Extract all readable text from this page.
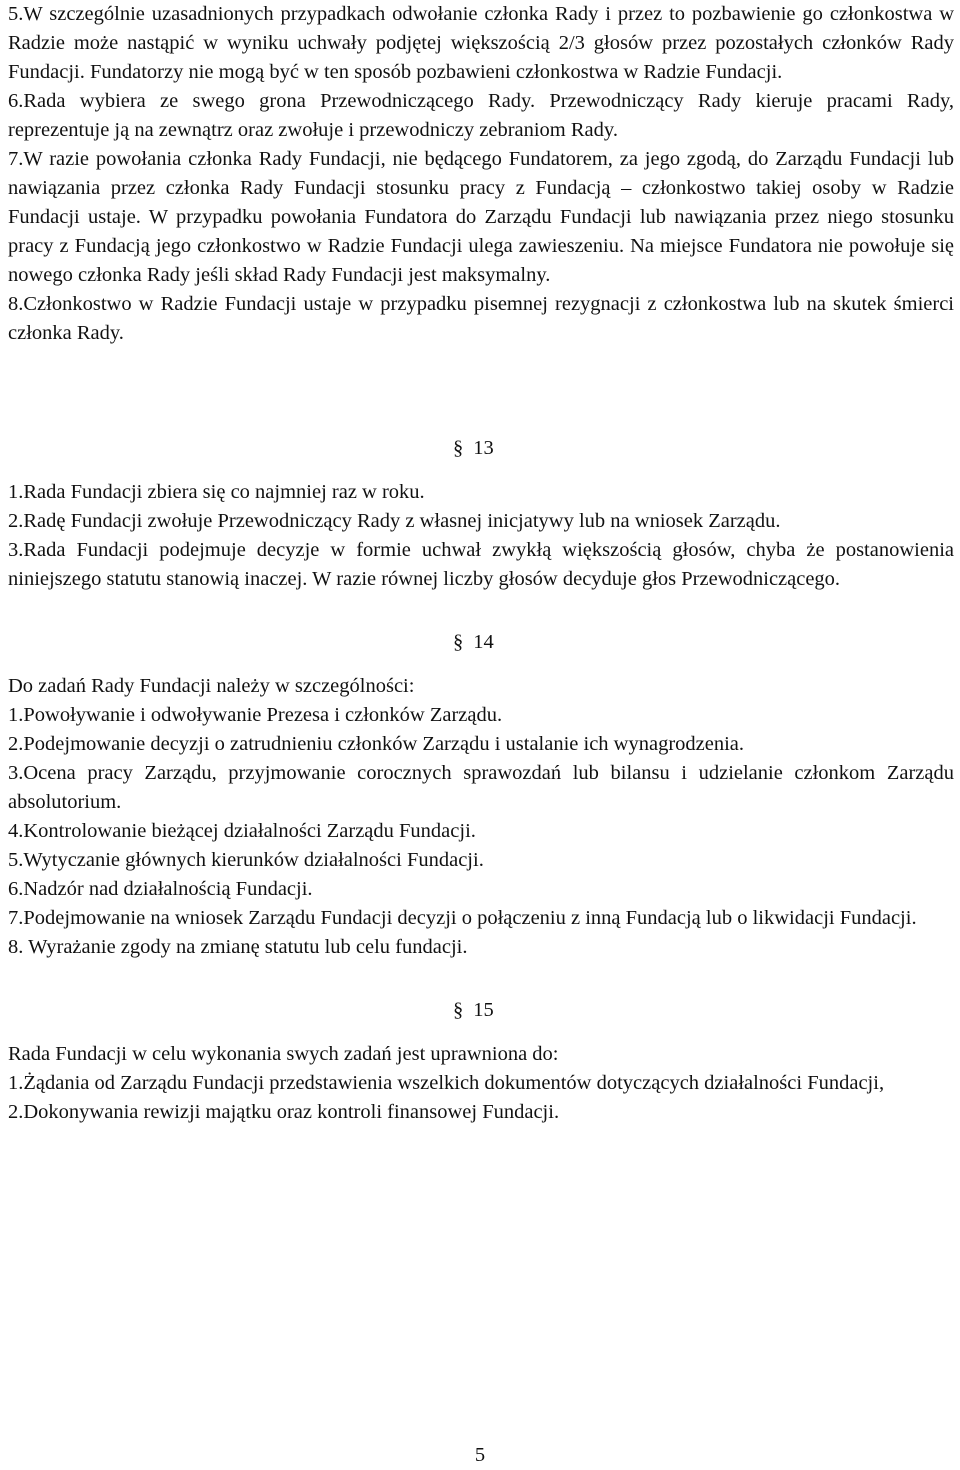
5.W szczególnie uzasadnionych przypadkach odwołanie członka Rady i przez to pozbawienie go członkostwa w Radzie może nastąpić w wyniku uchwały podjętej większością 2/3 głosów przez pozostałych członków Rady Fundacji. Fundatorzy nie mogą być w ten sposób pozbawieni członkostwa w Radzie Fundacji.

6.Rada wybiera ze swego grona Przewodniczącego Rady. Przewodniczący Rady kieruje pracami Rady, reprezentuje ją na zewnątrz oraz zwołuje i przewodniczy zebraniom Rady.

7.W razie powołania członka Rady Fundacji, nie będącego Fundatorem, za jego zgodą, do Zarządu Fundacji lub nawiązania przez członka Rady Fundacji stosunku pracy z Fundacją – członkostwo takiej osoby w Radzie Fundacji ustaje. W przypadku powołania Fundatora do Zarządu Fundacji lub nawiązania przez niego stosunku pracy z Fundacją jego członkostwo w Radzie Fundacji ulega zawieszeniu. Na miejsce Fundatora nie powołuje się nowego członka Rady jeśli skład Rady Fundacji jest maksymalny.

8.Członkostwo w Radzie Fundacji ustaje w przypadku pisemnej rezygnacji z członkostwa lub na skutek śmierci członka Rady.

§ 13

1.Rada Fundacji zbiera się co najmniej raz w roku.

2.Radę Fundacji zwołuje Przewodniczący Rady z własnej inicjatywy lub na wniosek Zarządu.

3.Rada Fundacji podejmuje decyzje w formie uchwał zwykłą większością głosów, chyba że postanowienia niniejszego statutu stanowią inaczej. W razie równej liczby głosów decyduje głos Przewodniczącego.

§ 14

Do zadań Rady Fundacji należy w szczególności:

1.Powoływanie i odwoływanie Prezesa i członków Zarządu.

2.Podejmowanie decyzji o zatrudnieniu członków Zarządu i ustalanie ich wynagrodzenia.

3.Ocena pracy Zarządu, przyjmowanie corocznych sprawozdań lub bilansu i udzielanie członkom Zarządu absolutorium.

4.Kontrolowanie bieżącej działalności Zarządu Fundacji.

5.Wytyczanie głównych kierunków działalności Fundacji.

6.Nadzór nad działalnością Fundacji.

7.Podejmowanie na wniosek Zarządu Fundacji decyzji o połączeniu z inną Fundacją lub o likwidacji Fundacji.

8. Wyrażanie zgody na zmianę statutu lub celu fundacji.

§ 15

Rada Fundacji w celu wykonania swych zadań jest uprawniona do:

1.Żądania od Zarządu Fundacji przedstawienia wszelkich dokumentów dotyczących działalności Fundacji,

2.Dokonywania rewizji majątku oraz kontroli finansowej Fundacji.

5
